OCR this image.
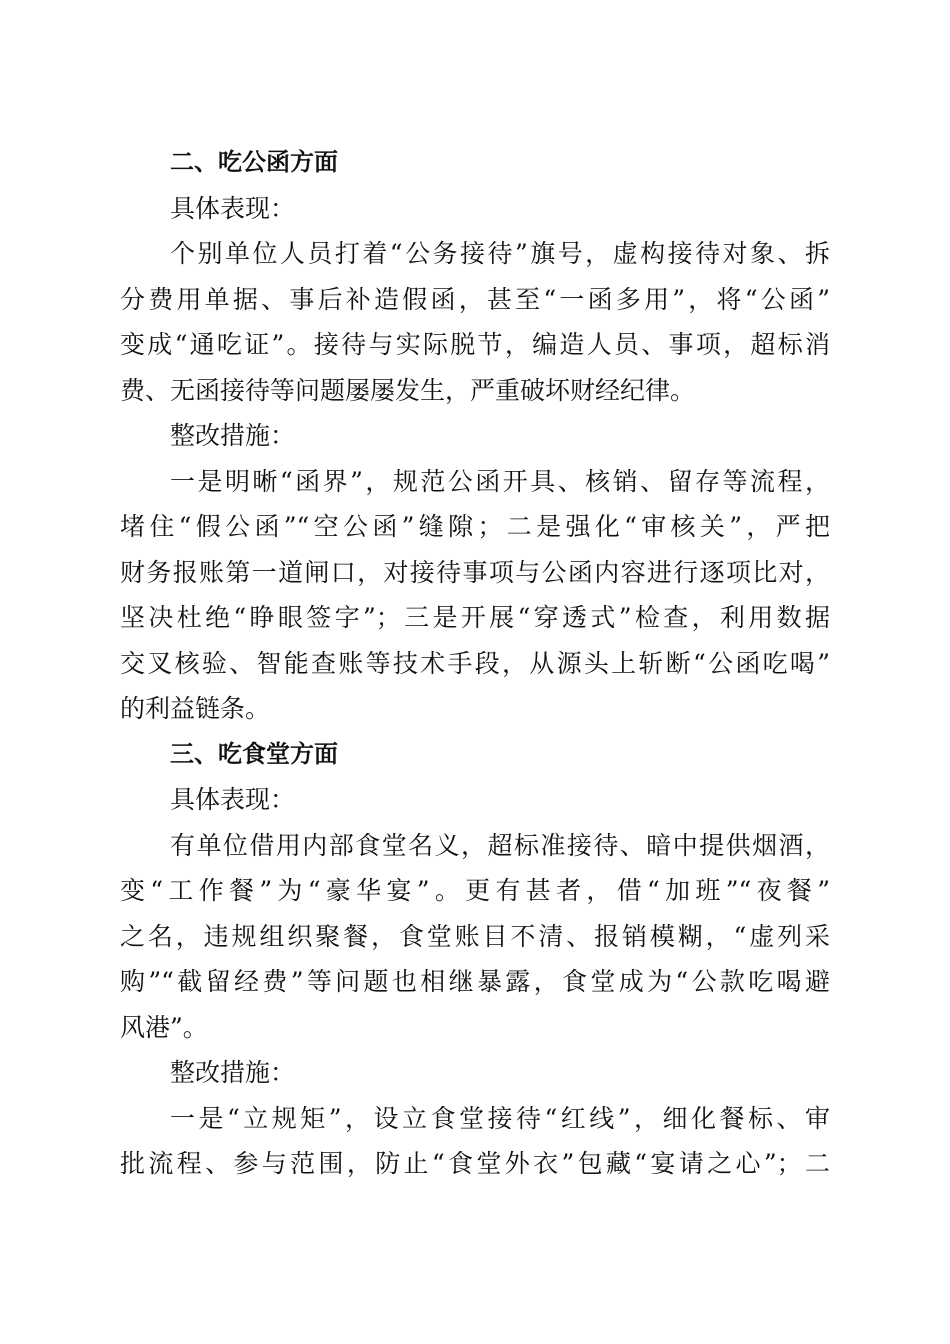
二、吃公函方面
具体表现：
个别单位人员打着“公务接待”旗号，虚构接待对象、拆
分费用单据、事后补造假函，甚至“一函多用”，将“公函”
变成“通吃证”。接待与实际脱节，编造人员、事项，超标消
费、无函接待等问题屡屡发生，严重破坏财经纪律。
整改措施：
一是明晰“函界”，规范公函开具、核销、留存等流程，
堵住“假公函”“空公函”缝隙；二是强化“审核关”，严把
财务报账第一道闸口，对接待事项与公函内容进行逐项比对，
坚决杜绝“睁眼签字”；三是开展“穿透式”检查，利用数据
交叉核验、智能查账等技术手段，从源头上斩断“公函吃喝”
的利益链条。
三、吃食堂方面
具体表现：
有单位借用内部食堂名义，超标准接待、暗中提供烟酒，
变“工作餐”为“豪华宴”。更有甚者，借“加班”“夜餐”
之名，违规组织聚餐，食堂账目不清、报销模糊，“虚列采
购”“截留经费”等问题也相继暴露，食堂成为“公款吃喝避
风港”。
整改措施：
一是“立规矩”，设立食堂接待“红线”，细化餐标、审
批流程、参与范围，防止“食堂外衣”包藏“宴请之心”；二
